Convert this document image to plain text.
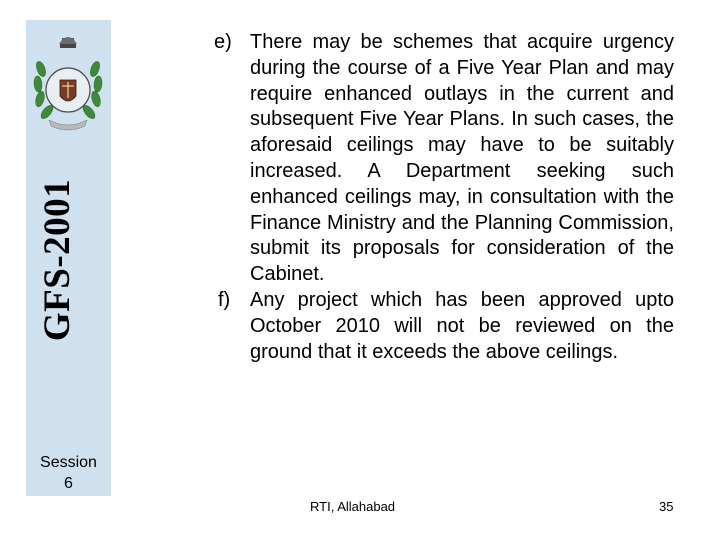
GFS-2001
Session
6
e) There may be schemes that acquire urgency during the course of a Five Year Plan and may require enhanced outlays in the current and subsequent Five Year Plans. In such cases, the aforesaid ceilings may have to be suitably increased. A Department seeking such enhanced ceilings may, in consultation with the Finance Ministry and the Planning Commission, submit its proposals for consideration of the Cabinet.
f) Any project which has been approved upto October 2010 will not be reviewed on the ground that it exceeds the above ceilings.
RTI, Allahabad	35
